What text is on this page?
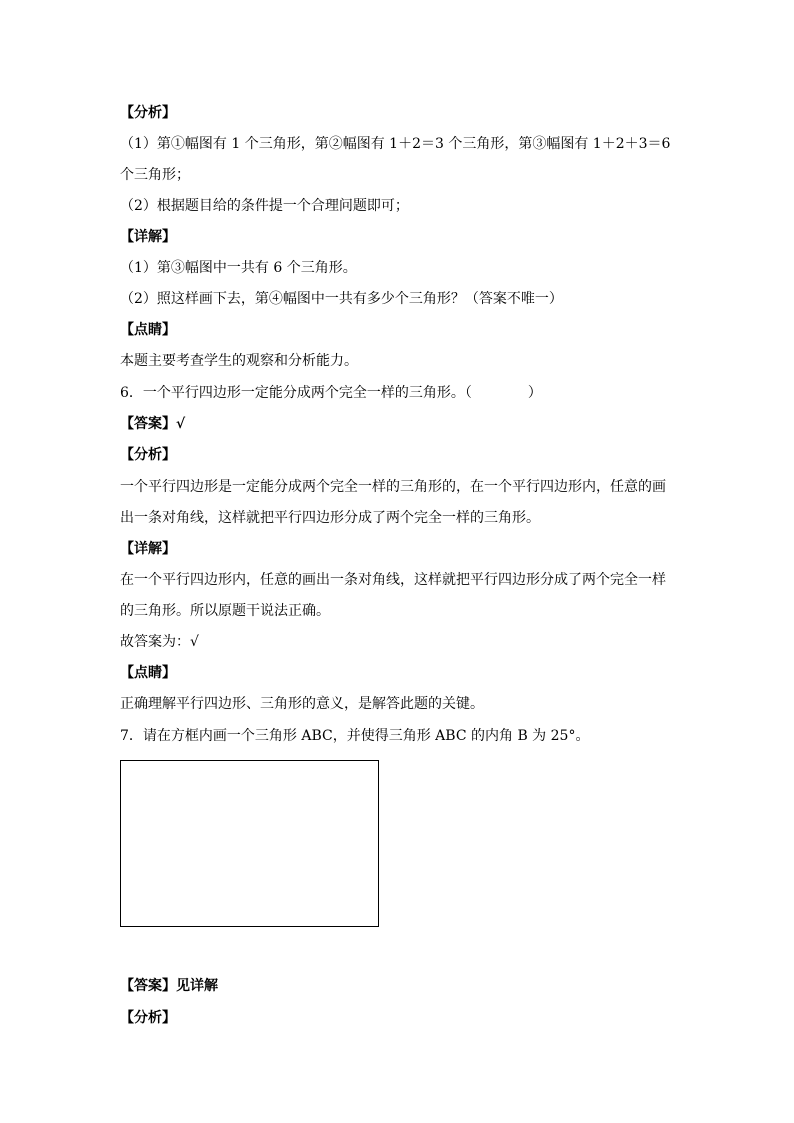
【分析】
（1）第①幅图有 1 个三角形，第②幅图有 1＋2＝3 个三角形，第③幅图有 1＋2＋3＝6
个三角形；
（2）根据题目给的条件提一个合理问题即可；
【详解】
（1）第③幅图中一共有 6 个三角形。
（2）照这样画下去，第④幅图中一共有多少个三角形？（答案不唯一）
【点睛】
本题主要考查学生的观察和分析能力。
6．一个平行四边形一定能分成两个完全一样的三角形。（　　　　）
【答案】√
【分析】
一个平行四边形是一定能分成两个完全一样的三角形的，在一个平行四边形内，任意的画
出一条对角线，这样就把平行四边形分成了两个完全一样的三角形。
【详解】
在一个平行四边形内，任意的画出一条对角线，这样就把平行四边形分成了两个完全一样
的三角形。所以原题干说法正确。
故答案为：√
【点睛】
正确理解平行四边形、三角形的意义，是解答此题的关键。
7．请在方框内画一个三角形 ABC，并使得三角形 ABC 的内角 B 为 25°。
【答案】见详解
【分析】
